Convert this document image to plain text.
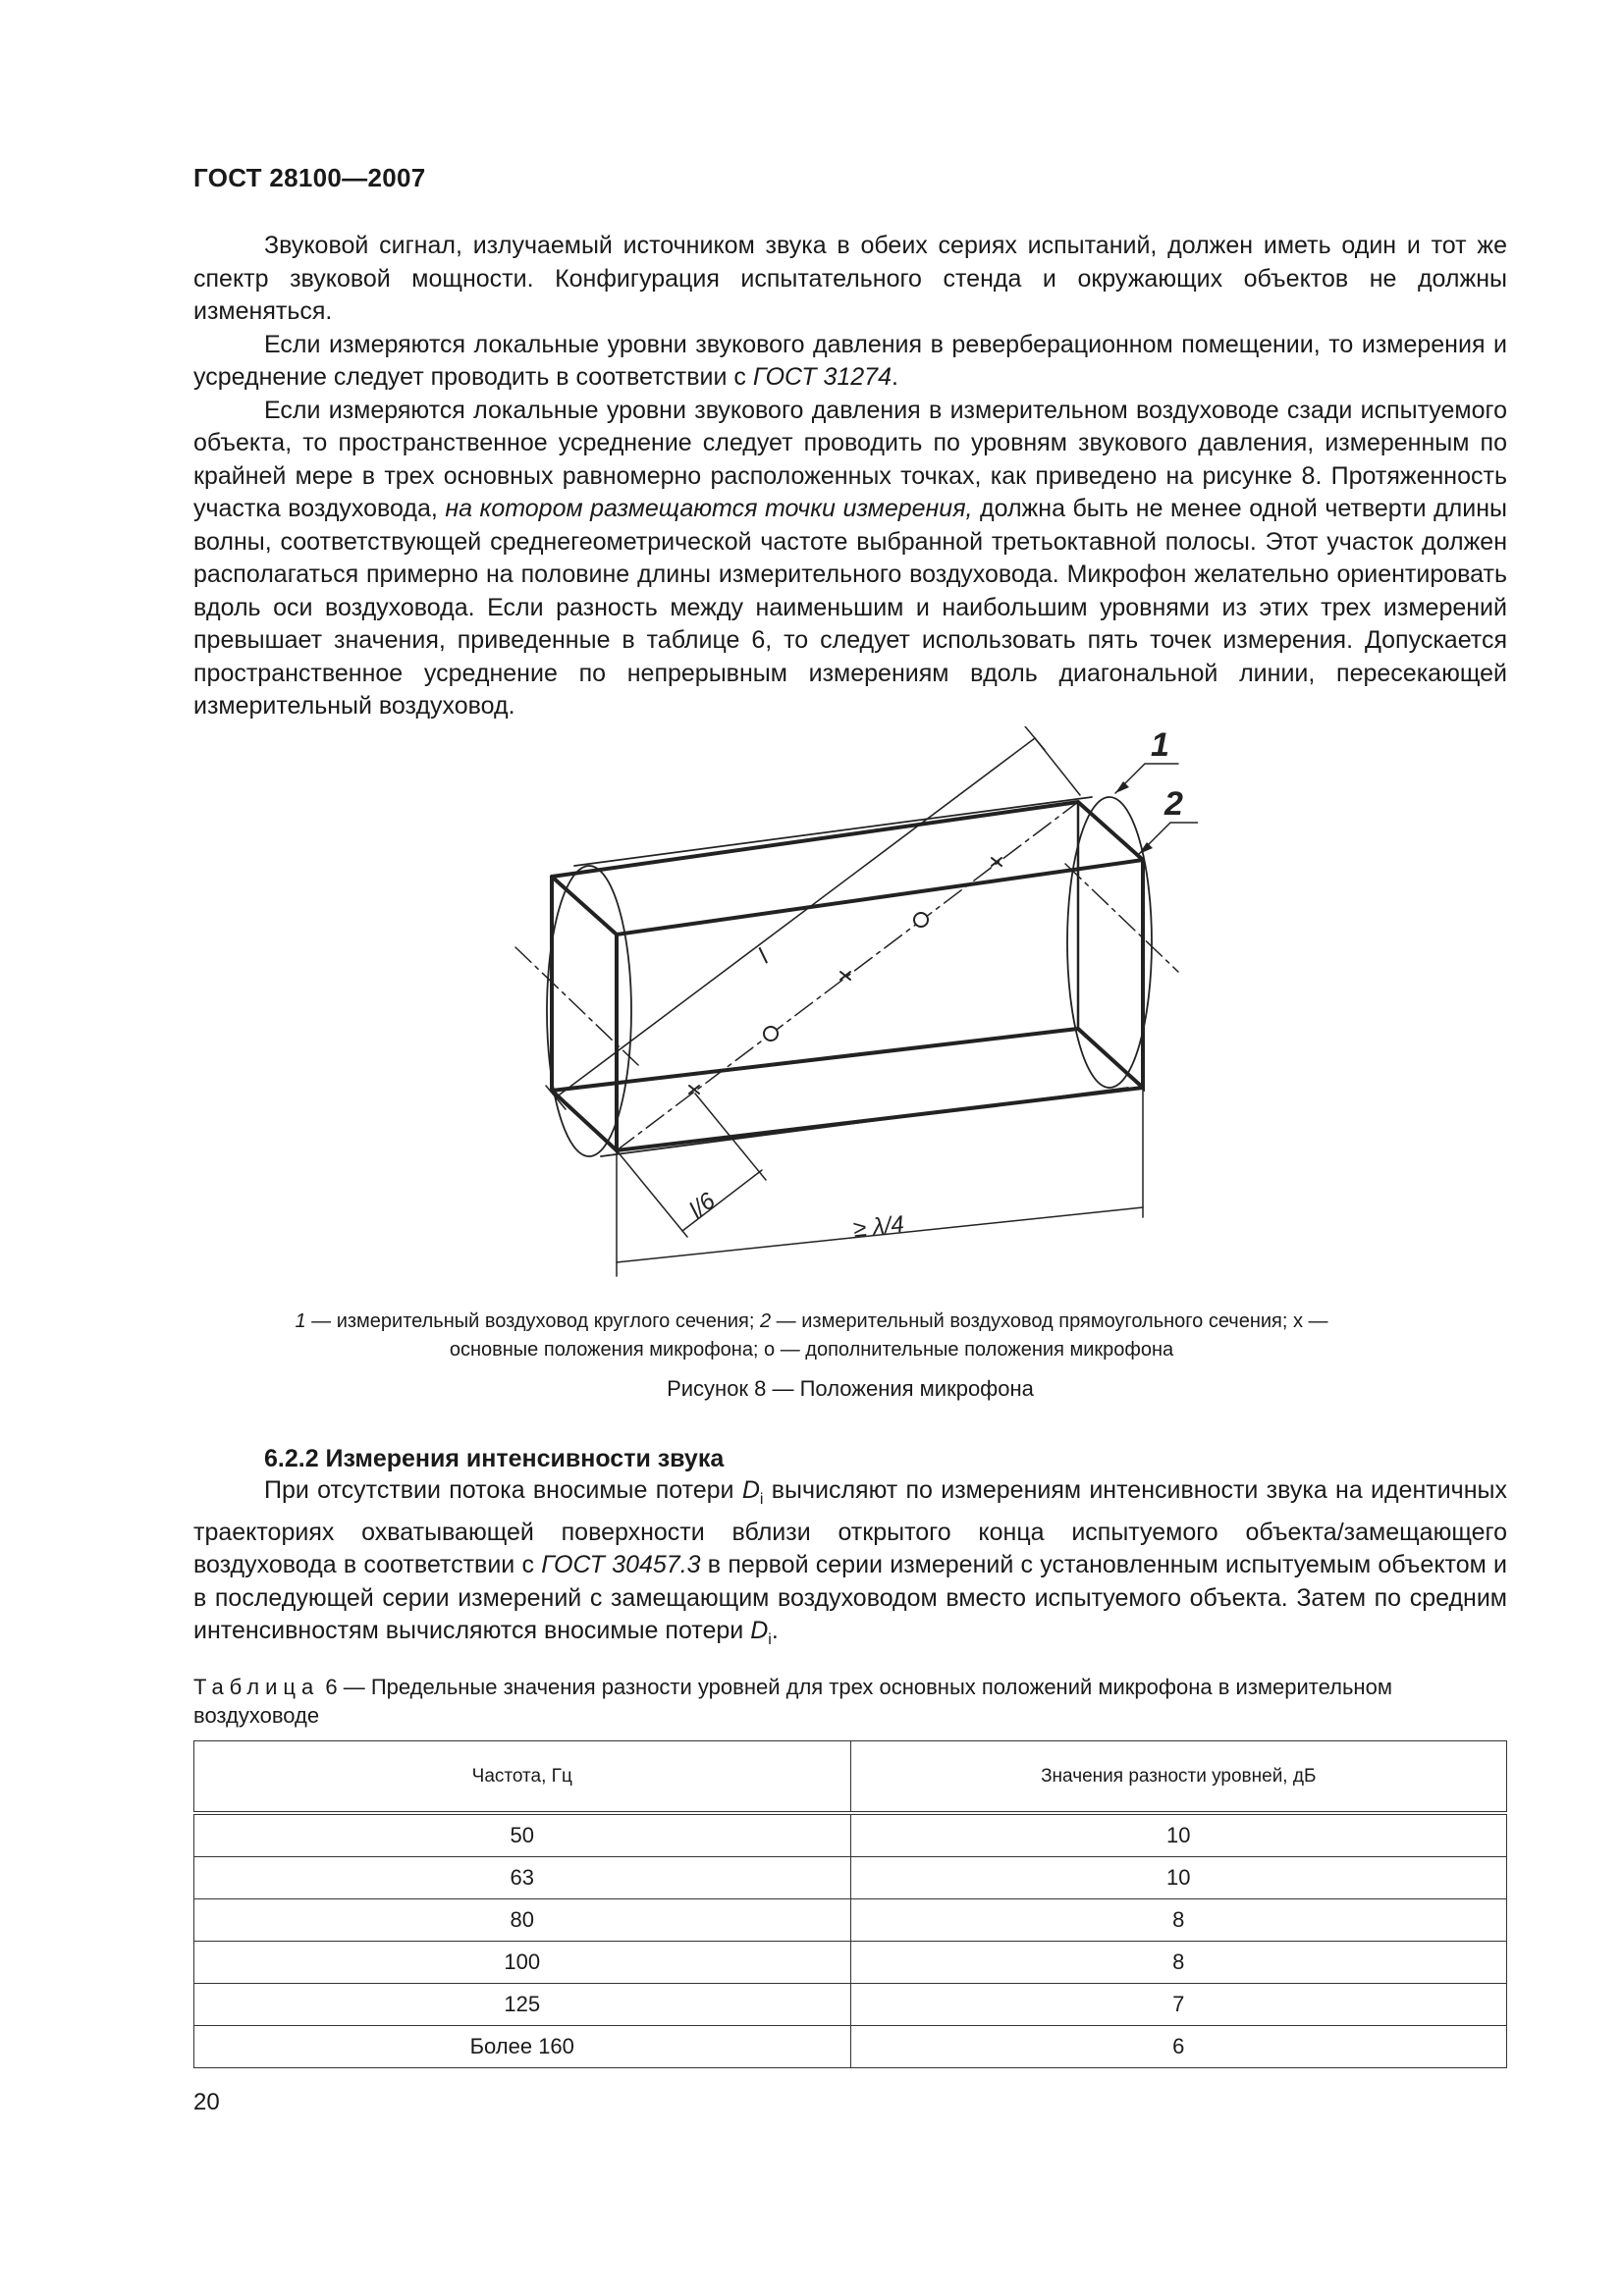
ГОСТ 28100—2007

Звуковой сигнал, излучаемый источником звука в обеих сериях испытаний, должен иметь один и тот же спектр звуковой мощности. Конфигурация испытательного стенда и окружающих объектов не должны изменяться.

Если измеряются локальные уровни звукового давления в реверберационном помещении, то измерения и усреднение следует проводить в соответствии с ГОСТ 31274.

Если измеряются локальные уровни звукового давления в измерительном воздуховоде сзади испытуемого объекта, то пространственное усреднение следует проводить по уровням звукового давления, измеренным по крайней мере в трех основных равномерно расположенных точках, как приведено на рисунке 8. Протяженность участка воздуховода, на котором размещаются точки измерения, должна быть не менее одной четверти длины волны, соответствующей среднегеометрической частоте выбранной третьоктавной полосы. Этот участок должен располагаться примерно на половине длины измерительного воздуховода. Микрофон желательно ориентировать вдоль оси воздуховода. Если разность между наименьшим и наибольшим уровнями из этих трех измерений превышает значения, приведенные в таблице 6, то следует использовать пять точек измерения. Допускается пространственное усреднение по непрерывным измерениям вдоль диагональной линии, пересекающей измерительный воздуховод.

1
2
l
l/6
≥ λ/4
1 — измерительный воздуховод круглого сечения; 2 — измерительный воздуховод прямоугольного сечения; х — основные положения микрофона; о — дополнительные положения микрофона
Рисунок 8 — Положения микрофона
6.2.2 Измерения интенсивности звука

При отсутствии потока вносимые потери $D_i$ вычисляют по измерениям интенсивности звука на идентичных траекториях охватывающей поверхности вблизи открытого конца испытуемого объекта/замещающего воздуховода в соответствии с ГОСТ 30457.3 в первой серии измерений с установленным испытуемым объектом и в последующей серии измерений с замещающим воздуховодом вместо испытуемого объекта. Затем по средним интенсивностям вычисляются вносимые потери $D_i$.

Таблица 6 — Предельные значения разности уровней для трех основных положений микрофона в измерительном воздуховоде
Частота, Гц	Значения разности уровней, дБ
50	10
63	10
80	8
100	8
125	7
Более 160	6
20
